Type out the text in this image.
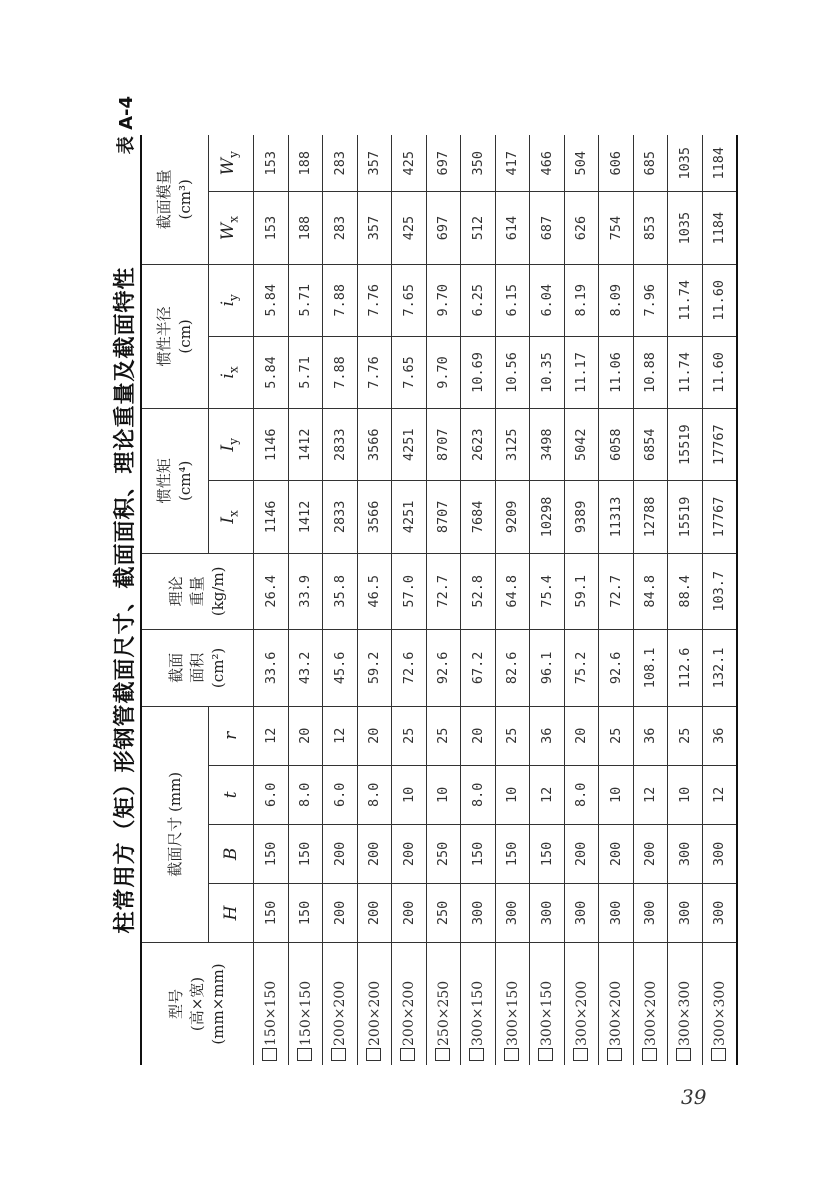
柱常用方（矩）形钢管截面尺寸、截面面积、理论重量及截面特性
表 A-4
型号 (高×宽) (mm×mm)	截面尺寸 (mm)				截面 面积 (cm²)	理论 重量 (kg/m)	惯性矩 (cm⁴)		惯性半径 (cm)		截面模量 (cm³)	
	H	B	t	r			$I_x$	$I_y$	$i_x$	$i_y$	$W_x$	$W_y$
150×150	150	150	6.0	12	33.6	26.4	1146	1146	5.84	5.84	153	153
150×150	150	150	8.0	20	43.2	33.9	1412	1412	5.71	5.71	188	188
200×200	200	200	6.0	12	45.6	35.8	2833	2833	7.88	7.88	283	283
200×200	200	200	8.0	20	59.2	46.5	3566	3566	7.76	7.76	357	357
200×200	200	200	10	25	72.6	57.0	4251	4251	7.65	7.65	425	425
250×250	250	250	10	25	92.6	72.7	8707	8707	9.70	9.70	697	697
300×150	300	150	8.0	20	67.2	52.8	7684	2623	10.69	6.25	512	350
300×150	300	150	10	25	82.6	64.8	9209	3125	10.56	6.15	614	417
300×150	300	150	12	36	96.1	75.4	10298	3498	10.35	6.04	687	466
300×200	300	200	8.0	20	75.2	59.1	9389	5042	11.17	8.19	626	504
300×200	300	200	10	25	92.6	72.7	11313	6058	11.06	8.09	754	606
300×200	300	200	12	36	108.1	84.8	12788	6854	10.88	7.96	853	685
300×300	300	300	10	25	112.6	88.4	15519	15519	11.74	11.74	1035	1035
300×300	300	300	12	36	132.1	103.7	17767	17767	11.60	11.60	1184	1184
39
